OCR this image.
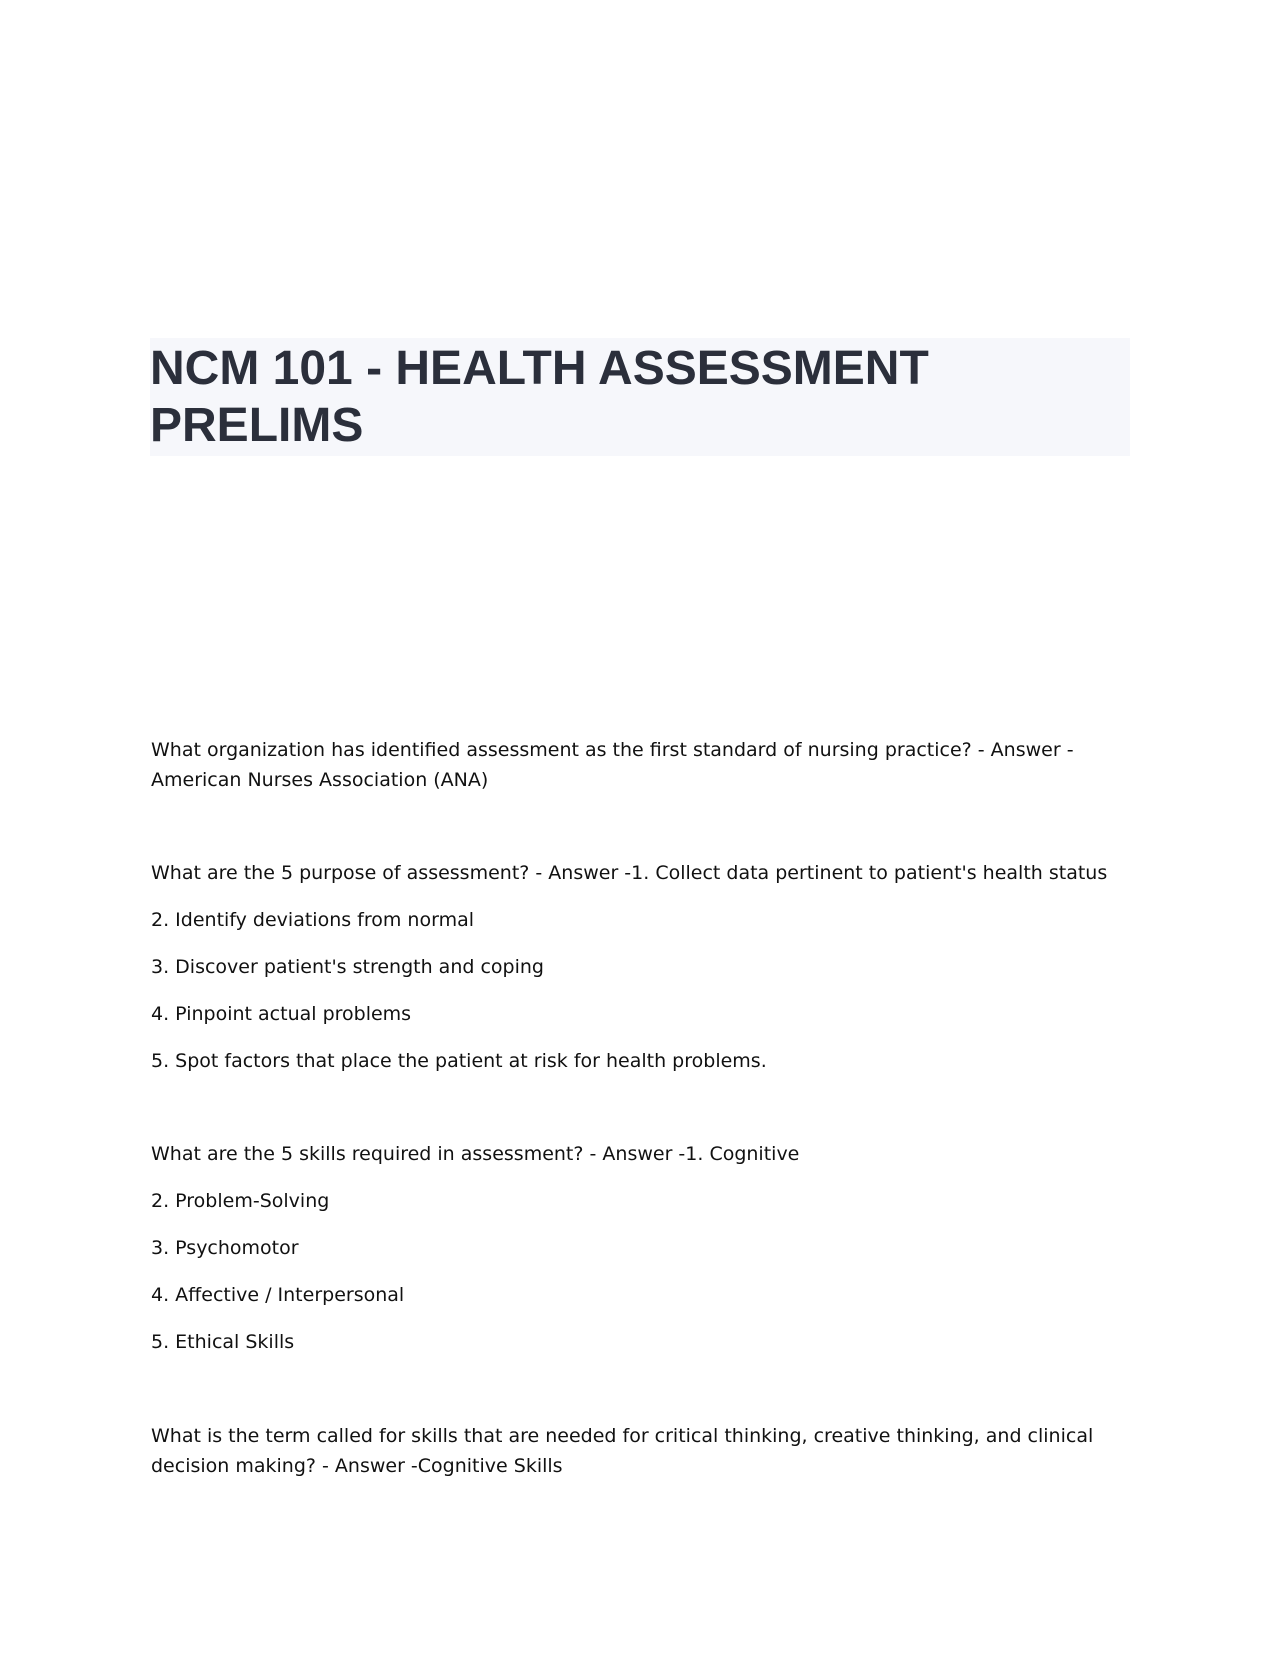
NCM 101 - HEALTH ASSESSMENT
PRELIMS
What organization has identified assessment as the first standard of nursing practice? - Answer -
American Nurses Association (ANA)
What are the 5 purpose of assessment? - Answer -1. Collect data pertinent to patient's health status
2. Identify deviations from normal
3. Discover patient's strength and coping
4. Pinpoint actual problems
5. Spot factors that place the patient at risk for health problems.
What are the 5 skills required in assessment? - Answer -1. Cognitive
2. Problem-Solving
3. Psychomotor
4. Affective / Interpersonal
5. Ethical Skills
What is the term called for skills that are needed for critical thinking, creative thinking, and clinical
decision making? - Answer -Cognitive Skills
